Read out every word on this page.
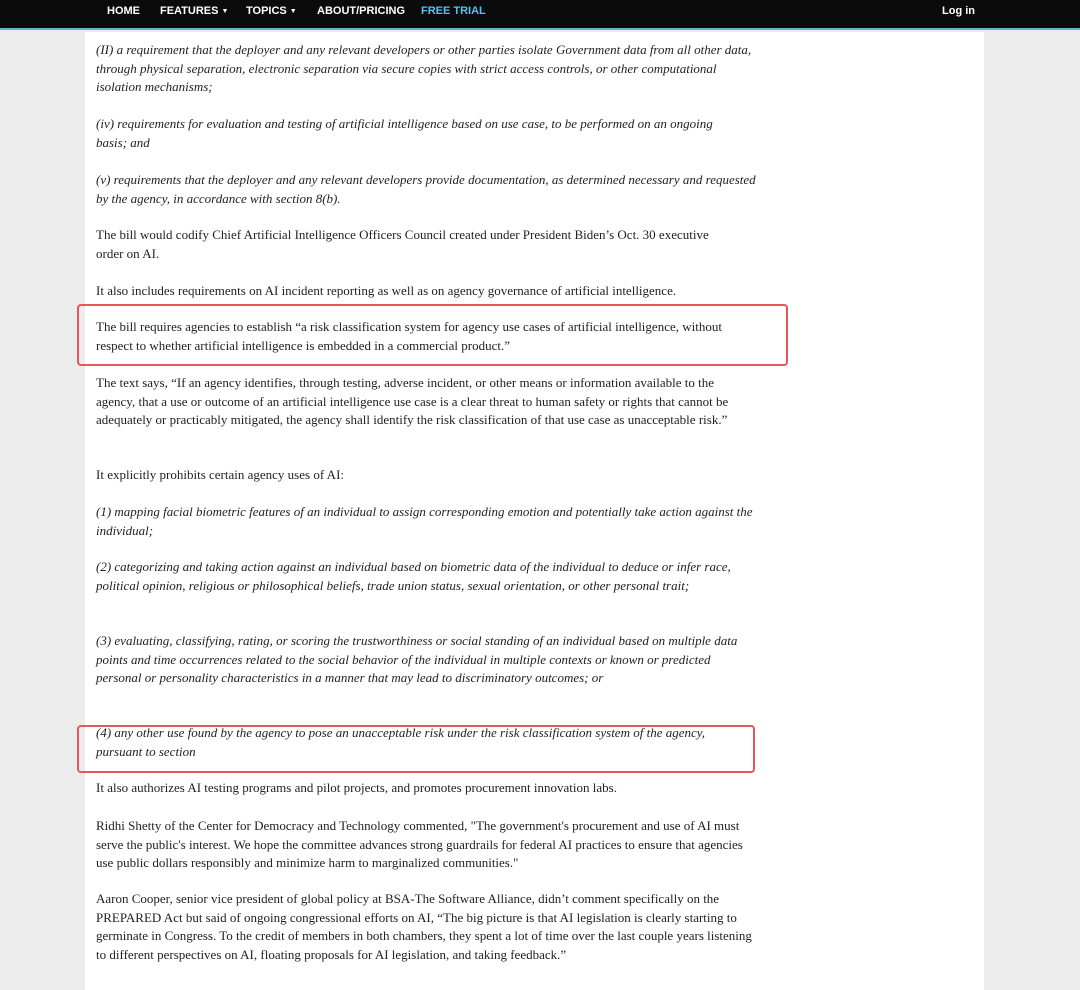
HOME FEATURES ▼ TOPICS ▼ ABOUT/PRICING FREE TRIAL	Log in

(II) a requirement that the deployer and any relevant developers or other parties isolate Government data from all other data, through physical separation, electronic separation via secure copies with strict access controls, or other computational isolation mechanisms;

(iv) requirements for evaluation and testing of artificial intelligence based on use case, to be performed on an ongoing basis; and

(v) requirements that the deployer and any relevant developers provide documentation, as determined necessary and requested by the agency, in accordance with section 8(b).

The bill would codify Chief Artificial Intelligence Officers Council created under President Biden’s Oct. 30 executive order on AI.

It also includes requirements on AI incident reporting as well as on agency governance of artificial intelligence.

The bill requires agencies to establish “a risk classification system for agency use cases of artificial intelligence, without respect to whether artificial intelligence is embedded in a commercial product.”

The text says, “If an agency identifies, through testing, adverse incident, or other means or information available to the agency, that a use or outcome of an artificial intelligence use case is a clear threat to human safety or rights that cannot be adequately or practicably mitigated, the agency shall identify the risk classification of that use case as unacceptable risk.”

It explicitly prohibits certain agency uses of AI:

(1) mapping facial biometric features of an individual to assign corresponding emotion and potentially take action against the individual;

(2) categorizing and taking action against an individual based on biometric data of the individual to deduce or infer race, political opinion, religious or philosophical beliefs, trade union status, sexual orientation, or other personal trait;

(3) evaluating, classifying, rating, or scoring the trustworthiness or social standing of an individual based on multiple data points and time occurrences related to the social behavior of the individual in multiple contexts or known or predicted personal or personality characteristics in a manner that may lead to discriminatory outcomes; or

(4) any other use found by the agency to pose an unacceptable risk under the risk classification system of the agency, pursuant to section

It also authorizes AI testing programs and pilot projects, and promotes procurement innovation labs.

Ridhi Shetty of the Center for Democracy and Technology commented, "The government's procurement and use of AI must serve the public's interest. We hope the committee advances strong guardrails for federal AI practices to ensure that agencies use public dollars responsibly and minimize harm to marginalized communities."

Aaron Cooper, senior vice president of global policy at BSA-The Software Alliance, didn’t comment specifically on the PREPARED Act but said of ongoing congressional efforts on AI, “The big picture is that AI legislation is clearly starting to germinate in Congress. To the credit of members in both chambers, they spent a lot of time over the last couple years listening to different perspectives on AI, floating proposals for AI legislation, and taking feedback.”
